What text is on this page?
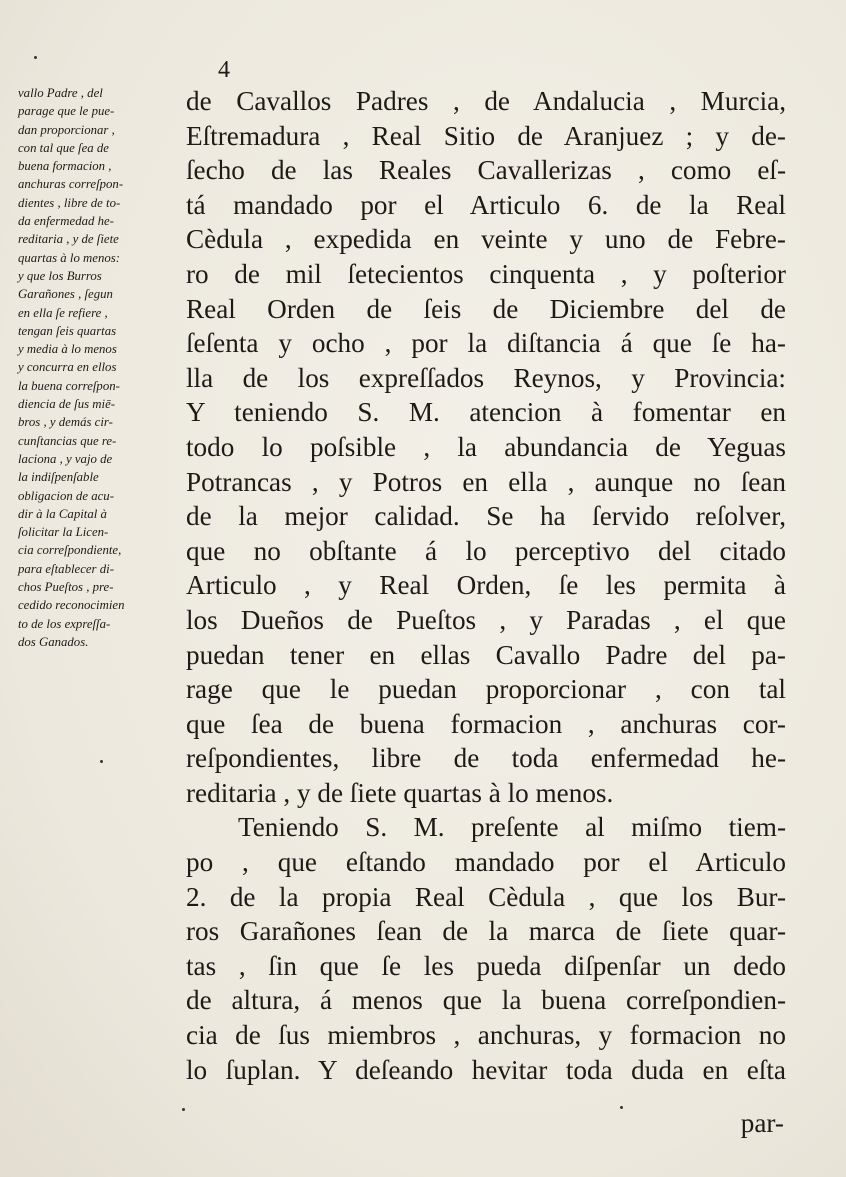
4
vallo Padre , del
parage que le pue-
dan proporcionar ,
con tal que ſea de
buena formacion ,
anchuras correſpon-
dientes , libre de to-
da enfermedad he-
reditaria , y de ſiete
quartas à lo menos:
y que los Burros
Garañones , ſegun
en ella ſe refiere ,
tengan ſeis quartas
y media à lo menos
y concurra en ellos
la buena correſpon-
diencia de ſus miē-
bros , y demás cir-
cunſtancias que re-
laciona , y vajo de
la indiſpenſable
obligacion de acu-
dir à la Capital à
ſolicitar la Licen-
cia correſpondiente,
para eſtablecer di-
chos Pueſtos , pre-
cedido reconocimien
to de los expreſſa-
dos Ganados.
de Cavallos Padres , de Andalucia , Murcia,
Eſtremadura , Real Sitio de Aranjuez ; y de-
ſecho de las Reales Cavallerizas , como eſ-
tá mandado por el Articulo 6. de la Real
Cèdula , expedida en veinte y uno de Febre-
ro de mil ſetecientos cinquenta , y poſterior
Real Orden de ſeis de Diciembre del de
ſeſenta y ocho , por la diſtancia á que ſe ha-
lla de los expreſſados Reynos, y Provincia:
Y teniendo S. M. atencion à fomentar en
todo lo poſsible , la abundancia de Yeguas
Potrancas , y Potros en ella , aunque no ſean
de la mejor calidad. Se ha ſervido reſolver,
que no obſtante á lo perceptivo del citado
Articulo , y Real Orden, ſe les permita à
los Dueños de Pueſtos , y Paradas , el que
puedan tener en ellas Cavallo Padre del pa-
rage que le puedan proporcionar , con tal
que ſea de buena formacion , anchuras cor-
reſpondientes, libre de toda enfermedad he-
reditaria , y de ſiete quartas à lo menos.
Teniendo S. M. preſente al miſmo tiem-
po , que eſtando mandado por el Articulo
2. de la propia Real Cèdula , que los Bur-
ros Garañones ſean de la marca de ſiete quar-
tas , ſin que ſe les pueda diſpenſar un dedo
de altura, á menos que la buena correſpondien-
cia de ſus miembros , anchuras, y formacion no
lo ſuplan. Y deſeando hevitar toda duda en eſta
par-
